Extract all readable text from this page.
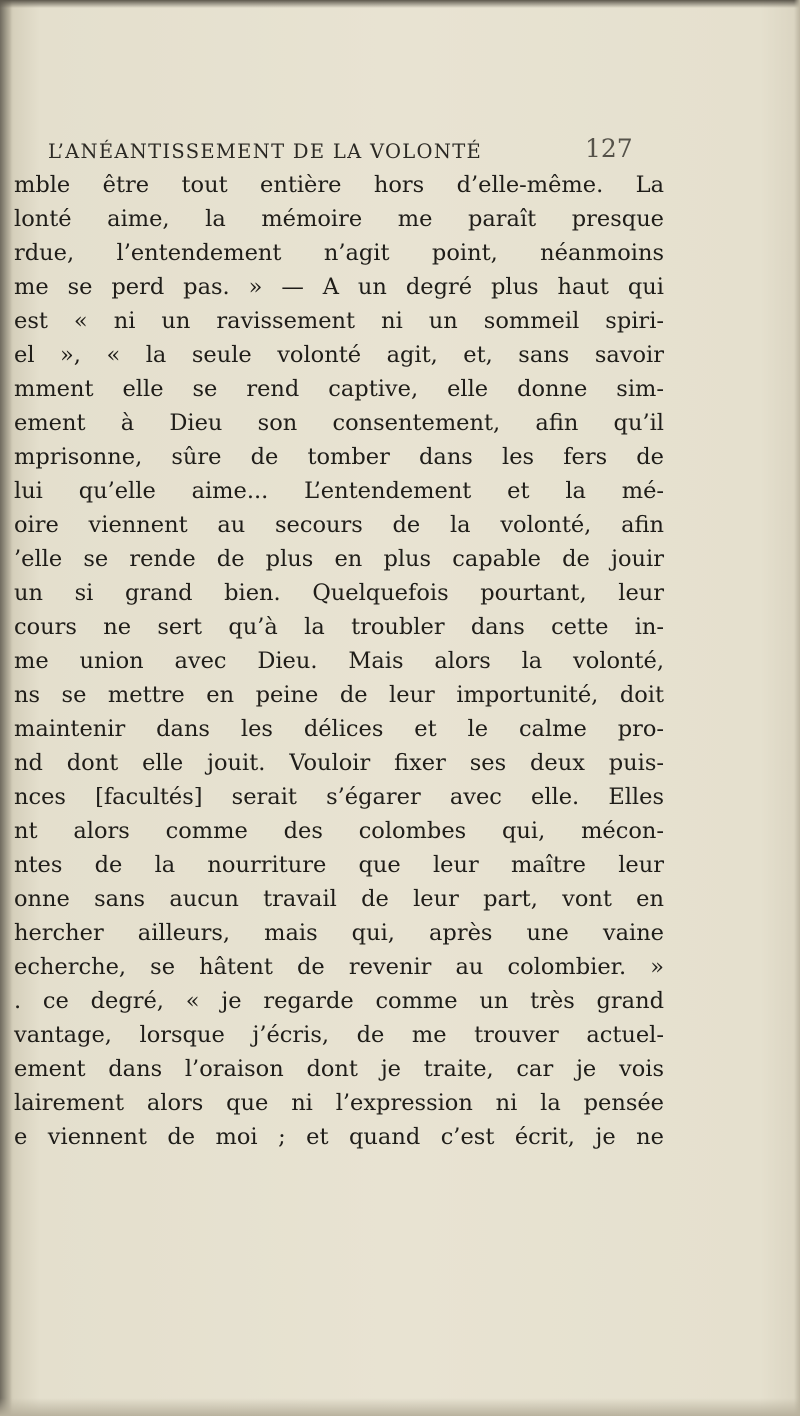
L’ANÉANTISSEMENT DE LA VOLONTÉ	127
mble être tout entière hors d’elle-même. La
lonté aime, la mémoire me paraît presque
rdue, l’entendement n’agit point, néanmoins
me se perd pas. » — A un degré plus haut qui
est « ni un ravissement ni un sommeil spiri-
el », « la seule volonté agit, et, sans savoir
mment elle se rend captive, elle donne sim-
ement à Dieu son consentement, afin qu’il
mprisonne, sûre de tomber dans les fers de
lui qu’elle aime... L’entendement et la mé-
oire viennent au secours de la volonté, afin
’elle se rende de plus en plus capable de jouir
un si grand bien. Quelquefois pourtant, leur
cours ne sert qu’à la troubler dans cette in-
me union avec Dieu. Mais alors la volonté,
ns se mettre en peine de leur importunité, doit
maintenir dans les délices et le calme pro-
nd dont elle jouit. Vouloir fixer ses deux puis-
nces [facultés] serait s’égarer avec elle. Elles
nt alors comme des colombes qui, mécon-
ntes de la nourriture que leur maître leur
onne sans aucun travail de leur part, vont en
hercher ailleurs, mais qui, après une vaine
echerche, se hâtent de revenir au colombier. »
. ce degré, « je regarde comme un très grand
vantage, lorsque j’écris, de me trouver actuel-
ement dans l’oraison dont je traite, car je vois
lairement alors que ni l’expression ni la pensée
e viennent de moi ; et quand c’est écrit, je ne
